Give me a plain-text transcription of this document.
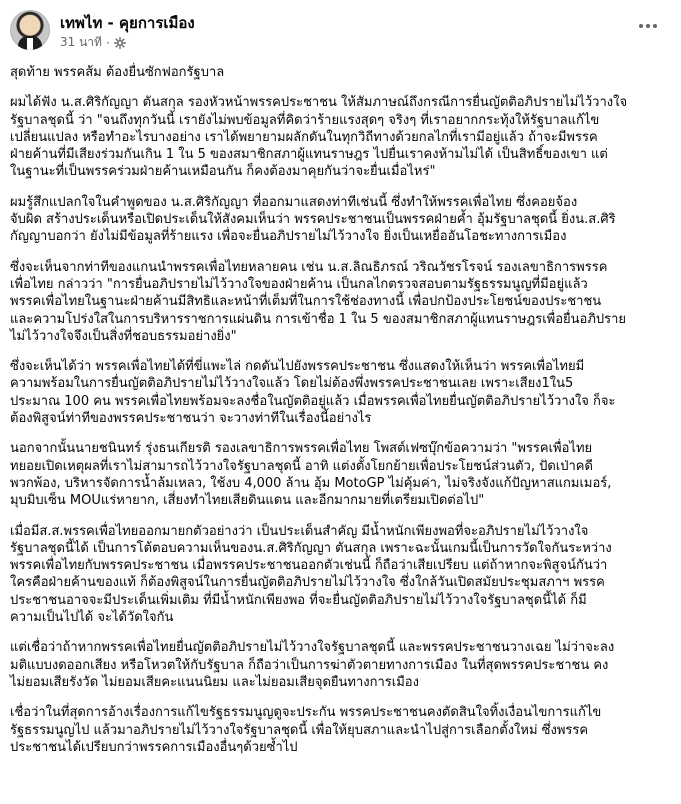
เทพไท - คุยการเมือง
31 นาที ·
สุดท้าย พรรคส้ม ต้องยื่นซักฟอกรัฐบาล
ผมได้ฟัง น.ส.ศิริกัญญา ตันสกุล รองหัวหน้าพรรคประชาชน ให้สัมภาษณ์ถึงกรณีการยื่นญัตติอภิปรายไม่ไว้วางใจ
รัฐบาลชุดนี้ ว่า "จนถึงทุกวันนี้ เรายังไม่พบข้อมูลที่คิดว่าร้ายแรงสุดๆ จริงๆ ที่เราอยากกระทุ้งให้รัฐบาลแก้ไข
เปลี่ยนแปลง หรือทำอะไรบางอย่าง เราได้พยายามผลักดันในทุกวิถีทางด้วยกลไกที่เรามีอยู่แล้ว ถ้าจะมีพรรค
ฝ่ายค้านที่มีเสียงร่วมกันเกิน 1 ใน 5 ของสมาชิกสภาผู้แทนราษฎร ไปยื่นเราคงห้ามไม่ได้ เป็นสิทธิ์ของเขา แต่
ในฐานะที่เป็นพรรคร่วมฝ่ายค้านเหมือนกัน ก็คงต้องมาคุยกันว่าจะยื่นเมื่อไหร่"
ผมรู้สึกแปลกใจในคำพูดของ น.ส.ศิริกัญญา ที่ออกมาแสดงท่าทีเช่นนี้ ซึ่งทำให้พรรคเพื่อไทย ซึ่งคอยจ้อง
จับผิด สร้างประเด็นหรือเปิดประเด็นให้สังคมเห็นว่า พรรคประชาชนเป็นพรรคฝ่ายค้ำ อุ้มรัฐบาลชุดนี้ ยิ่งน.ส.ศิริ
กัญญาบอกว่า ยังไม่มีข้อมูลที่ร้ายแรง เพื่อจะยื่นอภิปรายไม่ไว้วางใจ ยิ่งเป็นเหยื่ออันโอชะทางการเมือง
ซึ่งจะเห็นจากท่าทีของแกนนำพรรคเพื่อไทยหลายคน เช่น น.ส.ลิณธิภรณ์ วริณวัชรโรจน์ รองเลขาธิการพรรค
เพื่อไทย กล่าวว่า "การยื่นอภิปรายไม่ไว้วางใจของฝ่ายค้าน เป็นกลไกตรวจสอบตามรัฐธรรมนูญที่มีอยู่แล้ว
พรรคเพื่อไทยในฐานะฝ่ายค้านมีสิทธิและหน้าที่เต็มที่ในการใช้ช่องทางนี้ เพื่อปกป้องประโยชน์ของประชาชน
และความโปร่งใสในการบริหารราชการแผ่นดิน การเข้าชื่อ 1 ใน 5 ของสมาชิกสภาผู้แทนราษฎรเพื่อยื่นอภิปราย
ไม่ไว้วางใจจึงเป็นสิ่งที่ชอบธรรมอย่างยิ่ง"
ซึ่งจะเห็นได้ว่า พรรคเพื่อไทยได้ที่ขี่แพะไล่ กดดันไปยังพรรคประชาชน ซึ่งแสดงให้เห็นว่า พรรคเพื่อไทยมี
ความพร้อมในการยื่นญัตติอภิปรายไม่ไว้วางใจแล้ว โดยไม่ต้องพึ่งพรรคประชาชนเลย เพราะเสียง1ใน5
ประมาณ 100 คน พรรคเพื่อไทยพร้อมจะลงชื่อในญัตติอยู่แล้ว เมื่อพรรคเพื่อไทยยื่นญัตติอภิปรายไว้วางใจ ก็จะ
ต้องพิสูจน์ท่าทีของพรรคประชาชนว่า จะวางท่าทีในเรื่องนี้อย่างไร
นอกจากนั้นนายชนินทร์ รุ่งธนเกียรติ รองเลขาธิการพรรคเพื่อไทย โพสต์เฟซบุ๊กข้อความว่า "พรรคเพื่อไทย
ทยอยเปิดเหตุผลที่เราไม่สามารถไว้วางใจรัฐบาลชุดนี้ อาทิ แต่งตั้งโยกย้ายเพื่อประโยชน์ส่วนตัว, ปัดเป่าคดี
พวกพ้อง, บริหารจัดการน้ำล้มเหลว, ใช้งบ 4,000 ล้าน อุ้ม MotoGP ไม่คุ้มค่า, ไม่จริงจังแก้ปัญหาสแกมเมอร์,
มุบมิบเซ็น MOUแร่หายาก, เสี่ยงทำไทยเสียดินแดน และอีกมากมายที่เตรียมเปิดต่อไป"
เมื่อมีส.ส.พรรคเพื่อไทยออกมายกตัวอย่างว่า เป็นประเด็นสำคัญ มีน้ำหนักเพียงพอที่จะอภิปรายไม่ไว้วางใจ
รัฐบาลชุดนี้ได้ เป็นการโต้ตอบความเห็นของน.ส.ศิริกัญญา ตันสกุล เพราะฉะนั้นเกมนี้เป็นการวัดใจกันระหว่าง
พรรคเพื่อไทยกับพรรคประชาชน เมื่อพรรคประชาชนออกตัวเช่นนี้ ก็ถือว่าเสียเปรียบ แต่ถ้าหากจะพิสูจน์กันว่า
ใครคือฝ่ายค้านของแท้ ก็ต้องพิสูจน์ในการยื่นญัตติอภิปรายไม่ไว้วางใจ ซึ่งใกล้วันเปิดสมัยประชุมสภาฯ พรรค
ประชาชนอาจจะมีประเด็นเพิ่มเติม ที่มีน้ำหนักเพียงพอ ที่จะยื่นญัตติอภิปรายไม่ไว้วางใจรัฐบาลชุดนี้ได้ ก็มี
ความเป็นไปได้ จะได้วัดใจกัน
แต่เชื่อว่าถ้าหากพรรคเพื่อไทยยื่นญัตติอภิปรายไม่ไว้วางใจรัฐบาลชุดนี้ และพรรคประชาชนวางเฉย ไม่ว่าจะลง
มติแบบงดออกเสียง หรือโหวตให้กับรัฐบาล ก็ถือว่าเป็นการฆ่าตัวตายทางการเมือง ในที่สุดพรรคประชาชน คง
ไม่ยอมเสียรังวัด ไม่ยอมเสียคะแนนนิยม และไม่ยอมเสียจุดยืนทางการเมือง
เชื่อว่าในที่สุดการอ้างเรื่องการแก้ไขรัฐธรรมนูญดูจะประกัน พรรคประชาชนคงตัดสินใจทิ้งเงื่อนไขการแก้ไข
รัฐธรรมนูญไป แล้วมาอภิปรายไม่ไว้วางใจรัฐบาลชุดนี้ เพื่อให้ยุบสภาและนำไปสู่การเลือกตั้งใหม่ ซึ่งพรรค
ประชาชนได้เปรียบกว่าพรรคการเมืองอื่นๆด้วยซ้ำไป
